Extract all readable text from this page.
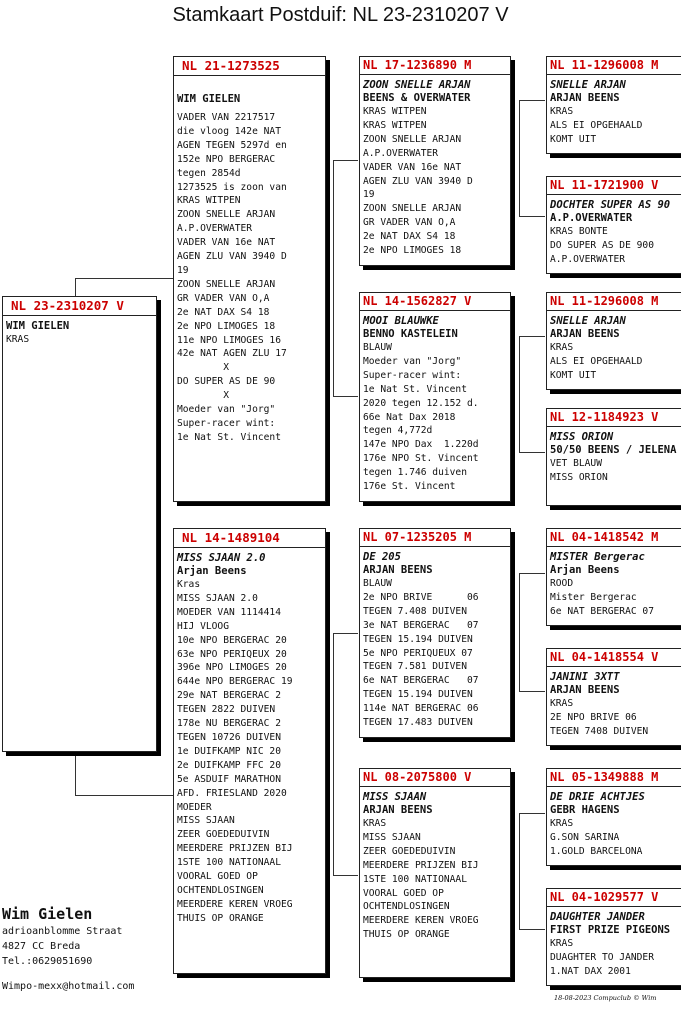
Stamkaart Postduif: NL 23-2310207 V
NL 23-2310207 V
WIM GIELEN
KRAS
NL 21-1273525
WIM GIELEN
VADER VAN 2217517
die vloog 142e NAT
AGEN TEGEN 5297d en
152e NPO BERGERAC
tegen 2854d
1273525 is zoon van
KRAS WITPEN
ZOON SNELLE ARJAN
A.P.OVERWATER
VADER VAN 16e NAT
AGEN ZLU VAN 3940 D
19
ZOON SNELLE ARJAN
GR VADER VAN O,A
2e NAT DAX S4 18
2e NPO LIMOGES 18
11e NPO LIMOGES 16
42e NAT AGEN ZLU 17
X
DO SUPER AS DE 90
X
Moeder van "Jorg"
Super-racer wint:
1e Nat St. Vincent
NL 14-1489104
MISS SJAAN 2.0
Arjan Beens
Kras
MISS SJAAN 2.0
MOEDER VAN 1114414
HIJ VLOOG
10e NPO BERGERAC 20
63e NPO PERIQEUX 20
396e NPO LIMOGES 20
644e NPO BERGERAC 19
29e NAT BERGERAC 2
TEGEN 2822 DUIVEN
178e NU BERGERAC 2
TEGEN 10726 DUIVEN
1e DUIFKAMP NIC 20
2e DUIFKAMP FFC 20
5e ASDUIF MARATHON
AFD. FRIESLAND 2020
MOEDER
MISS SJAAN
ZEER GOEDEDUIVIN
MEERDERE PRIJZEN BIJ
1STE 100 NATIONAAL
VOORAL GOED OP
OCHTENDLOSINGEN
MEERDERE KEREN VROEG
THUIS OP ORANGE
NL 17-1236890 M
ZOON SNELLE ARJAN
BEENS & OVERWATER
KRAS WITPEN
KRAS WITPEN
ZOON SNELLE ARJAN
A.P.OVERWATER
VADER VAN 16e NAT
AGEN ZLU VAN 3940 D
19
ZOON SNELLE ARJAN
GR VADER VAN O,A
2e NAT DAX S4 18
2e NPO LIMOGES 18
NL 14-1562827 V
MOOI BLAUWKE
BENNO KASTELEIN
BLAUW
Moeder van "Jorg"
Super-racer wint:
1e Nat St. Vincent
2020 tegen 12.152 d.
66e Nat Dax 2018
tegen 4,772d
147e NPO Dax  1.220d
176e NPO St. Vincent
tegen 1.746 duiven
176e St. Vincent
NL 07-1235205 M
DE 205
ARJAN BEENS
BLAUW
2e NPO BRIVE      06
TEGEN 7.408 DUIVEN
3e NAT BERGERAC   07
TEGEN 15.194 DUIVEN
5e NPO PERIQUEUX 07
TEGEN 7.581 DUIVEN
6e NAT BERGERAC   07
TEGEN 15.194 DUIVEN
114e NAT BERGERAC 06
TEGEN 17.483 DUIVEN
NL 08-2075800 V
MISS SJAAN
ARJAN BEENS
KRAS
MISS SJAAN
ZEER GOEDEDUIVIN
MEERDERE PRIJZEN BIJ
1STE 100 NATIONAAL
VOORAL GOED OP
OCHTENDLOSINGEN
MEERDERE KEREN VROEG
THUIS OP ORANGE
NL 11-1296008 M
SNELLE ARJAN
ARJAN BEENS
KRAS
ALS EI OPGEHAALD
KOMT UIT
NL 11-1721900 V
DOCHTER SUPER AS 90
A.P.OVERWATER
KRAS BONTE
DO SUPER AS DE 900
A.P.OVERWATER
NL 11-1296008 M
SNELLE ARJAN
ARJAN BEENS
KRAS
ALS EI OPGEHAALD
KOMT UIT
NL 12-1184923 V
MISS ORION
50/50 BEENS / JELENA
VET BLAUW
MISS ORION
NL 04-1418542 M
MISTER Bergerac
Arjan Beens
ROOD
Mister Bergerac
6e NAT BERGERAC 07
NL 04-1418554 V
JANINI 3XTT
ARJAN BEENS
KRAS
2E NPO BRIVE 06
TEGEN 7408 DUIVEN
NL 05-1349888 M
DE DRIE ACHTJES
GEBR HAGENS
KRAS
G.SON SARINA
1.GOLD BARCELONA
NL 04-1029577 V
DAUGHTER JANDER
FIRST PRIZE PIGEONS
KRAS
DUAGHTER TO JANDER
1.NAT DAX 2001
Wim Gielen
adrioanblomme Straat
4827 CC Breda
Tel.:0629051690
Wimpo-mexx@hotmail.com
18-08-2023 Compuclub © Wim
